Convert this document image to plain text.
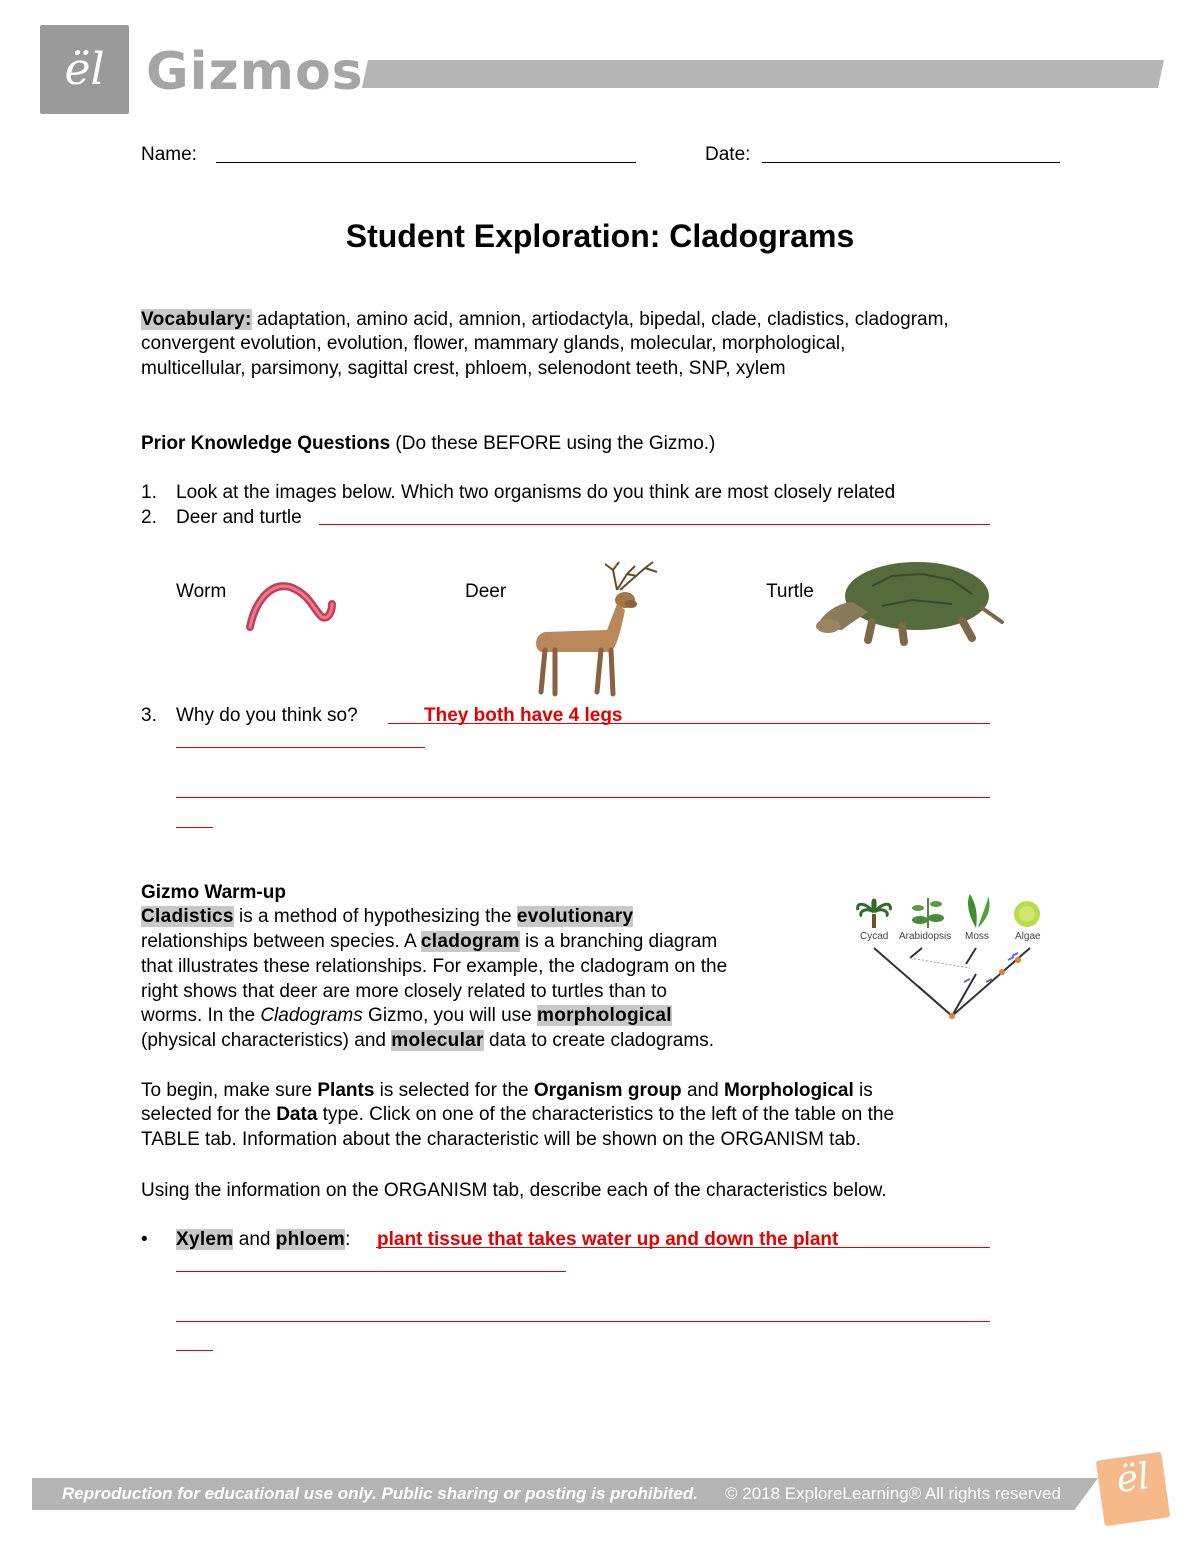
ël Gizmos
Name:	Date:
Student Exploration: Cladograms
Vocabulary: adaptation, amino acid, amnion, artiodactyla, bipedal, clade, cladistics, cladogram,
convergent evolution, evolution, flower, mammary glands, molecular, morphological,
multicellular, parsimony, sagittal crest, phloem, selenodont teeth, SNP, xylem
Prior Knowledge Questions (Do these BEFORE using the Gizmo.)
1. Look at the images below. Which two organisms do you think are most closely related
2. Deer and turtle
Worm	Deer	Turtle
3. Why do you think so?	They both have 4 legs
Gizmo Warm-up
Cladistics is a method of hypothesizing the evolutionary
relationships between species. A cladogram is a branching diagram
that illustrates these relationships. For example, the cladogram on the
right shows that deer are more closely related to turtles than to
worms. In the Cladograms Gizmo, you will use morphological
(physical characteristics) and molecular data to create cladograms.
Cycad Arabidopsis Moss	Algae
To begin, make sure Plants is selected for the Organism group and Morphological is
selected for the Data type. Click on one of the characteristics to the left of the table on the
TABLE tab. Information about the characteristic will be shown on the ORGANISM tab.
Using the information on the ORGANISM tab, describe each of the characteristics below.
• Xylem and phloem: plant tissue that takes water up and down the plant
Reproduction for educational use only. Public sharing or posting is prohibited. © 2018 ExploreLearning® All rights reserved	ël
